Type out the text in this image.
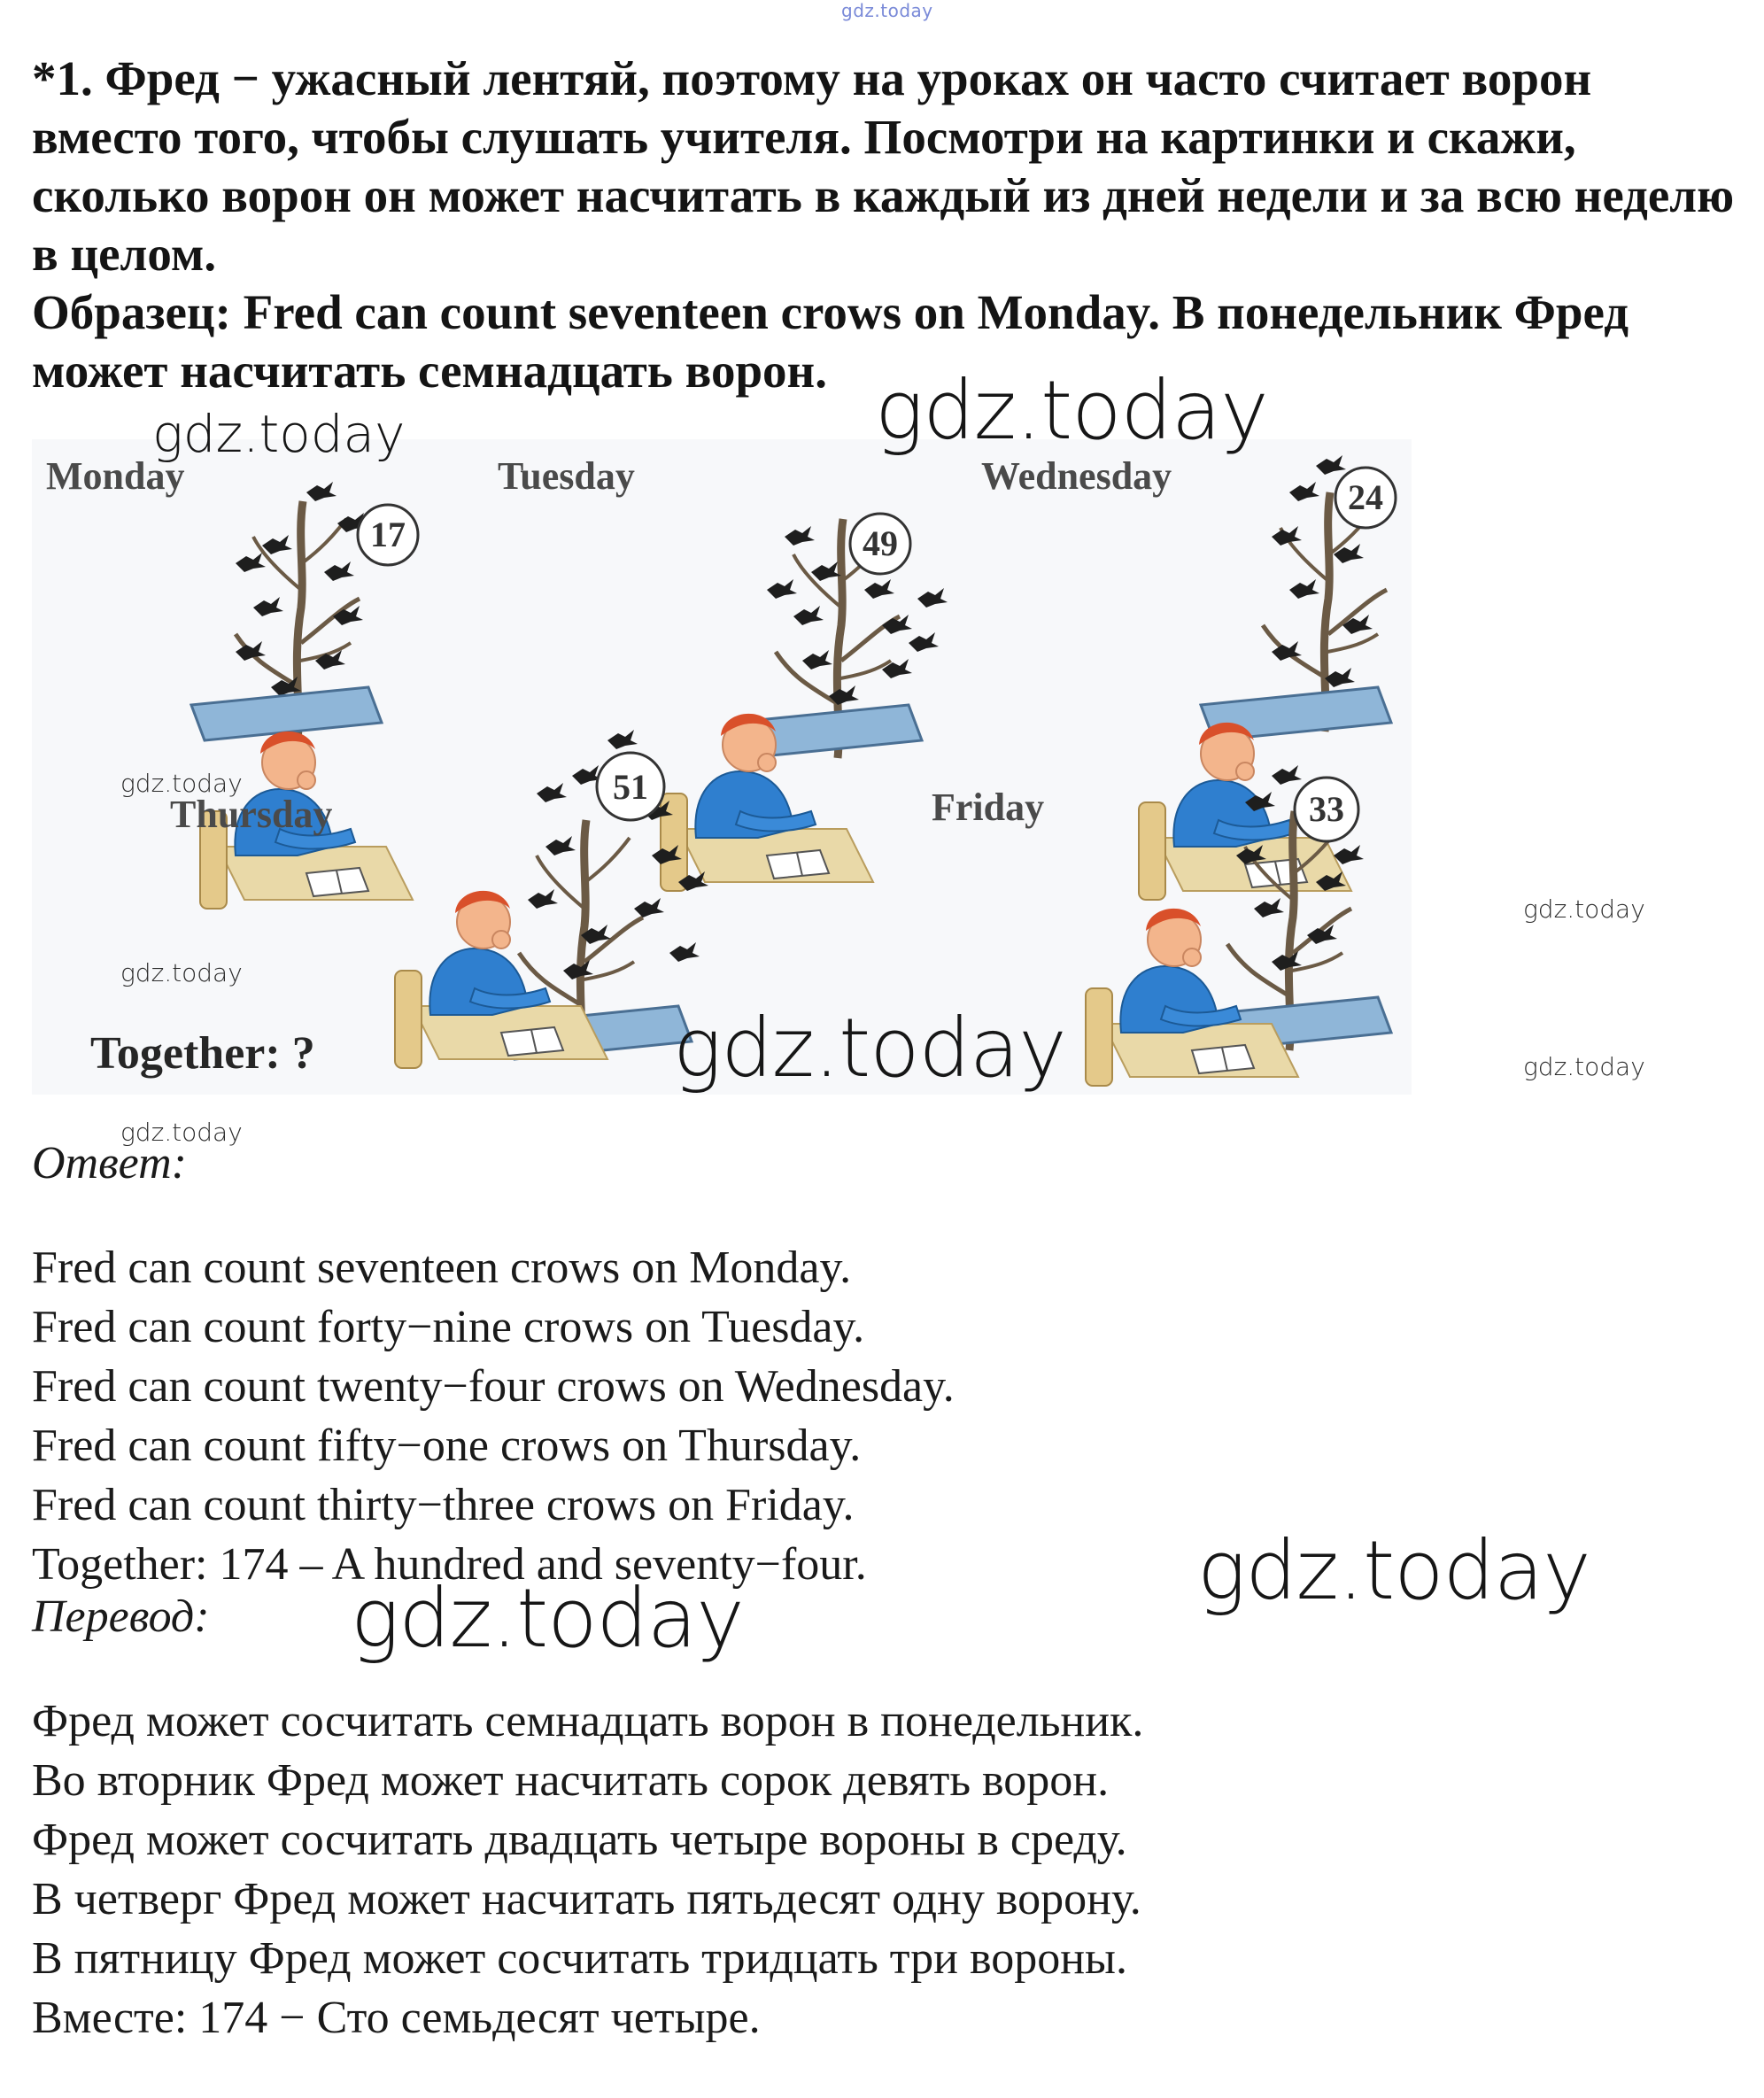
gdz.today

*1. Фред − ужасный лентяй, поэтому на уроках он часто считает ворон вместо того, чтобы слушать учителя. Посмотри на картинки и скажи, сколько ворон он может насчитать в каждый из дней недели и за всю неделю в целом.

Образец: Fred can count seventeen crows on Monday. В понедельник Фред может насчитать семнадцать ворон.

Monday
17
Tuesday
49
Wednesday	24
Thursday
51	Friday	33
Together: ?
gdz.today	gdz.today
gdz.today
gdz.today
gdz.today
gdz.today	gdz.today
gdz.today
Ответ:
Fred can count seventeen crows on Monday.
Fred can count forty−nine crows on Tuesday.
Fred can count twenty−four crows on Wednesday.
Fred can count fifty−one crows on Thursday.
Fred can count thirty−three crows on Friday.
Together: 174 – A hundred and seventy−four.	gdz.today
Перевод: gdz.today
Фред может сосчитать семнадцать ворон в понедельник.
Во вторник Фред может насчитать сорок девять ворон.
Фред может сосчитать двадцать четыре вороны в среду.
В четверг Фред может насчитать пятьдесят одну ворону.
В пятницу Фред может сосчитать тридцать три вороны.
Вместе: 174 − Сто семьдесят четыре.
